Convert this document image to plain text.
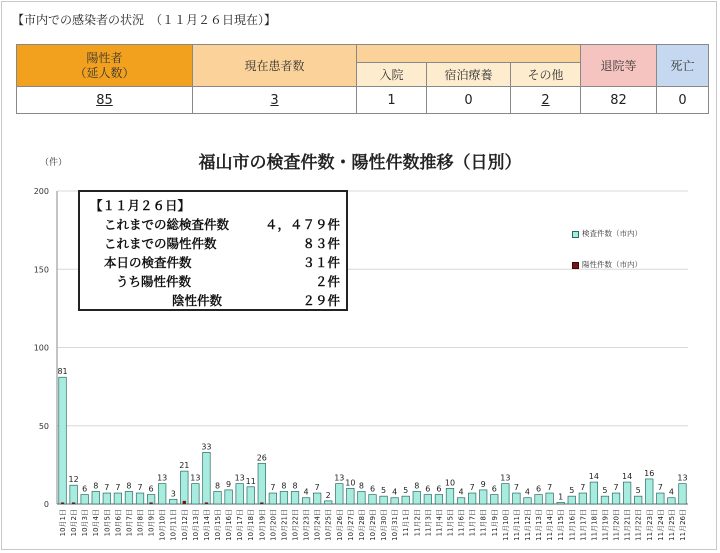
【市内での感染者の状況　（１１月２６日現在）】
陽性者
（延人数）	現在患者数				退院等	死亡
		入院	宿泊療養	その他		
85	3	1	0	2	82	0
福山市の検査件数・陽性件数推移（日別）
（件）
0
50
100
150
200
81
10月1日
12
10月2日
6
10月3日
8
10月4日
7
10月5日
7
10月6日
8
10月7日
7
10月8日
6
10月9日
13
10月10日
3
10月11日
21
10月12日
13
10月13日
33
10月14日
8
10月15日
9
10月16日
13
10月17日
11
10月18日
26
10月19日
7
10月20日
8
10月21日
8
10月22日
4
10月23日
7
10月24日
2
10月25日
13
10月26日
10
10月27日
8
10月28日
6
10月29日
5
10月30日
4
10月31日
5
11月1日
8
11月2日
6
11月3日
6
11月4日
10
11月5日
4
11月6日
7
11月7日
9
11月8日
6
11月9日
13
11月10日
7
11月11日
4
11月12日
6
11月13日
7
11月14日
1
11月15日
5
11月16日
7
11月17日
14
11月18日
5
11月19日
7
11月20日
14
11月21日
5
11月22日
16
11月23日
7
11月24日
4
11月25日
13
11月26日
【１１月２６日】
これまでの総検査件数	４，４７９件
これまでの陽性件数	８３件
本日の検査件数	３１件
うち陽性件数	２件
陰性件数	２９件
検査件数（市内）
陽性件数（市内）
